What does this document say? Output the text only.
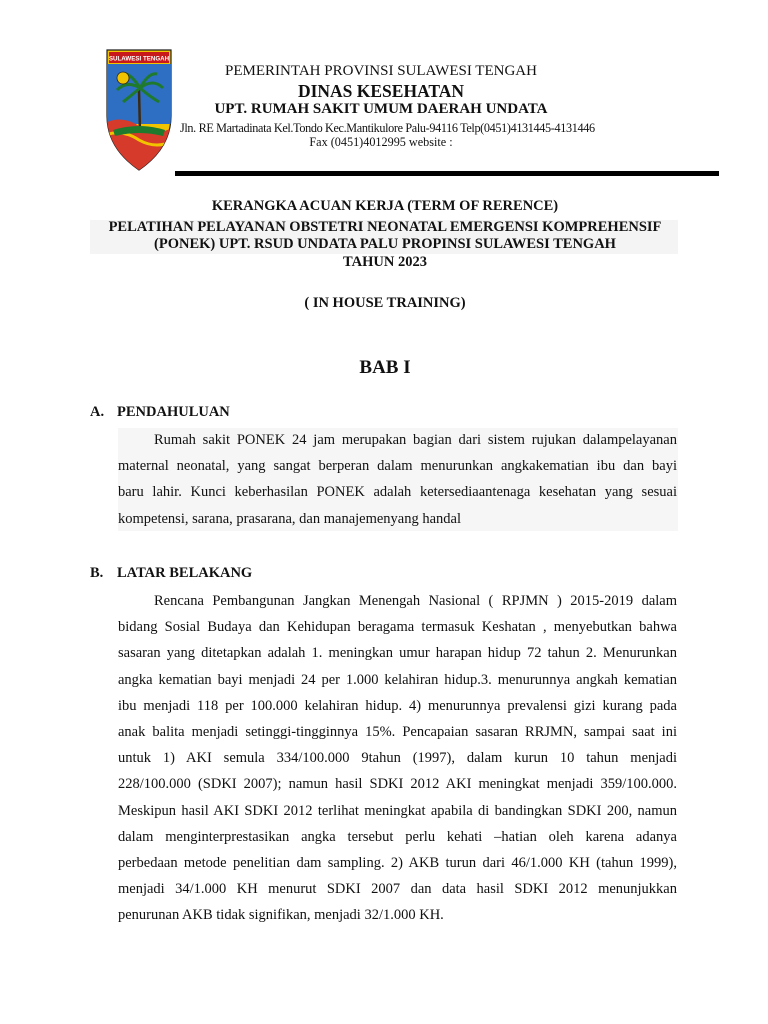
SULAWESI TENGAH
PEMERINTAH PROVINSI SULAWESI TENGAH
DINAS KESEHATAN
UPT. RUMAH SAKIT UMUM DAERAH UNDATA
Jln. RE Martadinata Kel.Tondo Kec.Mantikulore Palu-94116 Telp(0451)4131445-4131446
Fax (0451)4012995 website :
KERANGKA ACUAN KERJA (TERM OF RERENCE)
PELATIHAN PELAYANAN OBSTETRI NEONATAL EMERGENSI KOMPREHENSIF
(PONEK) UPT. RSUD UNDATA PALU PROPINSI SULAWESI TENGAH
TAHUN 2023
( IN HOUSE TRAINING)
BAB I
A. PENDAHULUAN
Rumah sakit PONEK 24 jam merupakan bagian dari sistem rujukan dalampelayanan
maternal neonatal, yang sangat berperan dalam menurunkan angkakematian ibu dan bayi
baru lahir. Kunci keberhasilan PONEK adalah ketersediaantenaga kesehatan yang sesuai
kompetensi, sarana, prasarana, dan manajemenyang handal
B. LATAR BELAKANG
Rencana Pembangunan Jangkan Menengah Nasional ( RPJMN ) 2015-2019 dalam
bidang Sosial Budaya dan Kehidupan beragama termasuk Keshatan , menyebutkan bahwa
sasaran yang ditetapkan adalah 1. meningkan umur harapan hidup 72 tahun 2. Menurunkan
angka kematian bayi menjadi 24 per 1.000 kelahiran hidup.3. menurunnya angkah kematian
ibu menjadi 118 per 100.000 kelahiran hidup. 4) menurunnya prevalensi gizi kurang pada
anak balita menjadi setinggi-tingginnya 15%. Pencapaian sasaran RRJMN, sampai saat ini
untuk 1) AKI semula 334/100.000 9tahun (1997), dalam kurun 10 tahun menjadi
228/100.000 (SDKI 2007); namun hasil SDKI 2012 AKI meningkat menjadi 359/100.000.
Meskipun hasil AKI SDKI 2012 terlihat meningkat apabila di bandingkan SDKI 200, namun
dalam menginterprestasikan angka tersebut perlu kehati –hatian oleh karena adanya
perbedaan metode penelitian dam sampling. 2) AKB turun dari 46/1.000 KH (tahun 1999),
menjadi 34/1.000 KH menurut SDKI 2007 dan data hasil SDKI 2012 menunjukkan
penurunan AKB tidak signifikan, menjadi 32/1.000 KH.
